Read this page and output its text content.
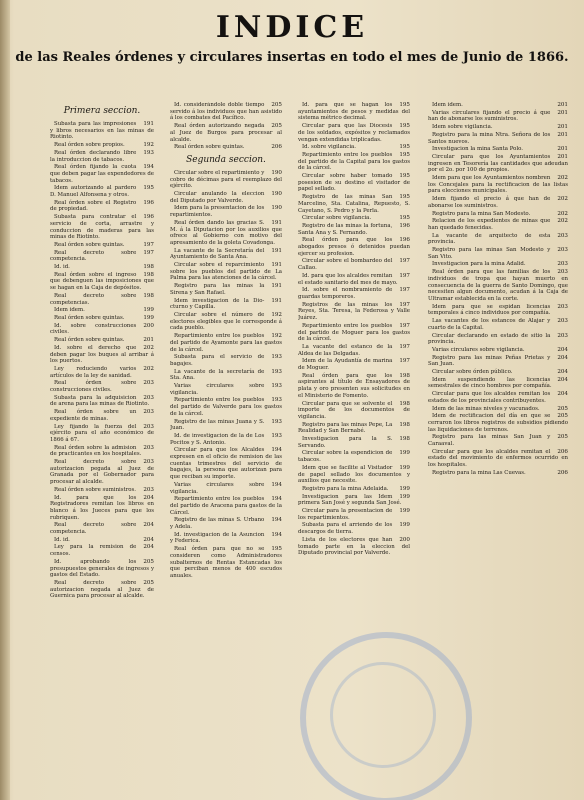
INDICE
de las Reales órdenes y circulares insertas en todo el mes de Junio de 1866.
Primera seccion.
191
Subasta para las impresiones y libros necesarios en las minas de Riotinto.
192
Real órden sobre propios.
193
Real órden declarando libre la introduccion de tabacos.
194
Real órden fijando la cuota que deben pagar las expendedores de tabacos.
195
Idem autorizando al pardero D. Manuel Alfonsena y otros.
196
Real órden sobre el Registro de propiedad.
196
Subasta para contratar el servicio de corta, arrastre y conduccion de maderas para las minas de Riotinto.
197
Real órden sobre quintas.
197
Real decreto sobre competencia.
198
Id. id.
198
Real órden sobre el ingreso que debenguen las imposiciones que se hagan en la Caja de depósitos.
198
Real decreto sobre competencias.
199
Idem idem.
199
Real órden sobre quintas.
200
Id. sobre construcciones civiles.
201
Real órden sobre quintas.
202
Id. sobre el derecho que deben pagar los buques al arribar á los puertos.
202
Ley reduciendo varios artículos de la ley de sanidad.
203
Real órden sobre construcciones civiles.
203
Subasta para la adquisicion de arena para las minas de Riotinto.
203
Real órden sobre un expediente de minas.
203
Ley fijando la fuerza del ejército para el año económico de 1866 á 67.
203
Real órden sobre la admision de practicantes en los hospitales.
203
Real decreto sobre autorizacion pegada al Juez de Granada por el Gobernador para procesar al alcalde.
203
Real órden sobre suministros.
204
Id. para que los Registradores remitan los libros en blanco á los Jueces para que los rubriquen.
204
Real decreto sobre competencia.
204
Id. id.
204
Ley para la remision de censos.
205
Id. aprobando los presupuestos generales de ingresos y gastos del Estado.
205
Real decreto sobre autorizacion negada al Juez de Guernica para procesar al alcalde.
205
Id. considerándole doble tiempo servido á los individuos que han asistido á los combates del Pacífico.
205
Real órden autorizando negada al Juez de Burgos para procesar al alcalde.
206
Real órden sobre quintas.
Segunda seccion.
190
Circular sobre el repartimiento y cobro de décimas para el reemplazo del ejército.
190
Circular anulando la eleccion del Diputado por Valverde.
190
Idem para la presentacion de los repartimientos.
191
Real órden dando las gracias S. M. á la Diputacion por los auxilios que ofrece al Gobierno con motivo del apresamiento de la goleta Covadonga.
191
La vacante de la Secretaría del Ayuntamiento de Santa Ana.
191
Circular sobre el reparcimiento sobre los pueblos del partido de La Palma para las atenciones de la cárcel.
191
Registro para las minas la Sirena y San Rafael.
191
Idem investigacion de la Dio-cturno y Capilla.
192
Circular sobre el número de electores elegibles que le corresponde á cada pueblo.
192
Repartimiento entre los pueblos del partido de Ayamonte para las gastos de la cárcel.
193
Subasta para el servicio de bagajes.
193
La vacante de la secretaría de Sta. Ana.
193
Varias circulares sobre vigilancia.
193
Repartimiento entre los pueblos del partido de Valverde para los gastos de la cárcel.
193
Registro de las minas Juana y S. Juan.
193
Id. de investigacion de la de Los Pocitos y S. Antonio.
194
Circular para que los Alcaldes expresen en el oficio de remision de las cuentas trimestres del servicio de bagajes, la persona que autorizan para que reciban su importe.
194
Varias circulares sobre vigilancia.
194
Repartimiento entre los pueblos del partido de Aracena para gastos de la Cárcel.
194
Registro de las minas S. Urbano y Adela.
194
Id. investigacion de la Asuncion y Federica.
195
Real órden para que no se consideren como Administradores subalternos de Rentas Estancadas los que perciban menos de 400 escudos anuales.
195
Id. para que se hagan los ayuntamientos de pesos y medidas del sistema métrico decimal.
195
Circular para que las Diocesis de los soldados, expósitos y reclamados vengan extendidas triplicadas.
195
Id. sobre vigilancia.
195
Repartimiento entre los pueblos del partido de la Capital para los gastos de la cárcel.
195
Circular sobre haber tomado posesion de su destino el visitador de papel sellado.
195
Registro de las minas San Marcelino, Sta. Catalina, Repuesto, S. Cayetano, S. Pedro y la Perla.
195
Circular sobre vigilancia.
196
Registro de las minas la fortuna, Santa Ana y S. Fernando.
196
Real órden para que los abogados presos ó detenidos puedan ejercer su profesion.
197
Circular sobre el bombardeo del Callao.
197
Id. para que los alcaldes remitan el estado sanitario del mes de mayo.
197
Id. sobre el nombramiento de guardas temporeros.
197
Registros de las minas los Reyes, Sta. Teresa, la Federosa y Valle Juárez.
197
Repartimiento entre los pueblos del partido de Moguer para los gastos de la cárcel.
197
La vacante del estanco de la Aldea de las Delgadas.
197
Idem de la Ayudantía de marina de Moguer.
198
Real órden para que los aspirantes al título de Ensayadores de plata y oro presenten sus solicitudes en el Ministerio de Fomento.
198
Circular para que se solvente el importe de los documentos de vigilancia.
198
Registro para las minas Pepe, La Realidad y San Bernabé.
198
Investigacion para la S. Servando.
199
Circular sobre la espendicion de tabacos.
199
Idem que se facilite al Visitador de papel sellado los documentos y auxilios que necesite.
199
Registro para la mina Adelaida.
199
Investigacion para las Idem primera San José y segunda San José.
199
Circular para la presentacion de los repartimientos.
199
Subasta para el arriendo de los descargos de tierra.
200
Lista de los electores que han tomado parte en la eleccion del Diputado provincial por Valverde.
201
Idem idem.
201
Varias circulares fijando el precio á que han de abonarse los suministros.
201
Idem sobre vigilancia.
201
Registro para la mina Ntra. Señora de los Santos nuevos.
201
Investigacion la mina Santa Polo.
201
Circular para que los Ayuntamientos ingresen en Tesorería las cantidades que adeudan por el 2o. por 100 de propios.
202
Idem para que los Ayuntamientos nombren los Concejales para la rectificacion de las listas para elecciones municipales.
202
Idem fijando el precio á que han de abonarse los suministros.
202
Registro para la mina San Modesto.
202
Relacion de los expedientes de minas que han quedado fenecidas.
203
La vacante de arquitecto de esta provincia.
203
Registro para las minas San Modesto y San Vito.
203
Investigacion para la mina Adalid.
203
Real órden para que las familias de los individuos de tropa que hayan muerto en consecuencia de la guerra de Santo Domingo, que necesiten algun documento, acudan á la Caja de Ultramar establecida en la corte.
203
Idem para que se espidan licencias temporales á cinco individuos por compañía.
203
Las vacantes de los estancos de Alajar y cuarto de la Capital.
203
Circular declarando en estado de sitio la provincia.
204
Varias circulares sobre vigilancia.
204
Registro para las minas Peñas Prietas y San Juan.
204
Circular sobre órden público.
204
Idem suspendiendo las licencias semestrales de cinco hombres por compañía.
204
Circular para que los alcaldes remitan los estados de los provinciales contribuyentes.
205
Idem de las minas niveles y vacunados.
205
Idem de rectificacion del día en que se cerraron los libros registros de subsidios pidiendo las liquidaciones de terrenos.
205
Registro para las minas San Juan y Caraaval.
206
Circular para que los alcaldes remitan el estado del movimiento de enfermos ocurrido en los hospitales.
206
Registro para la mina Las Cuevas.
